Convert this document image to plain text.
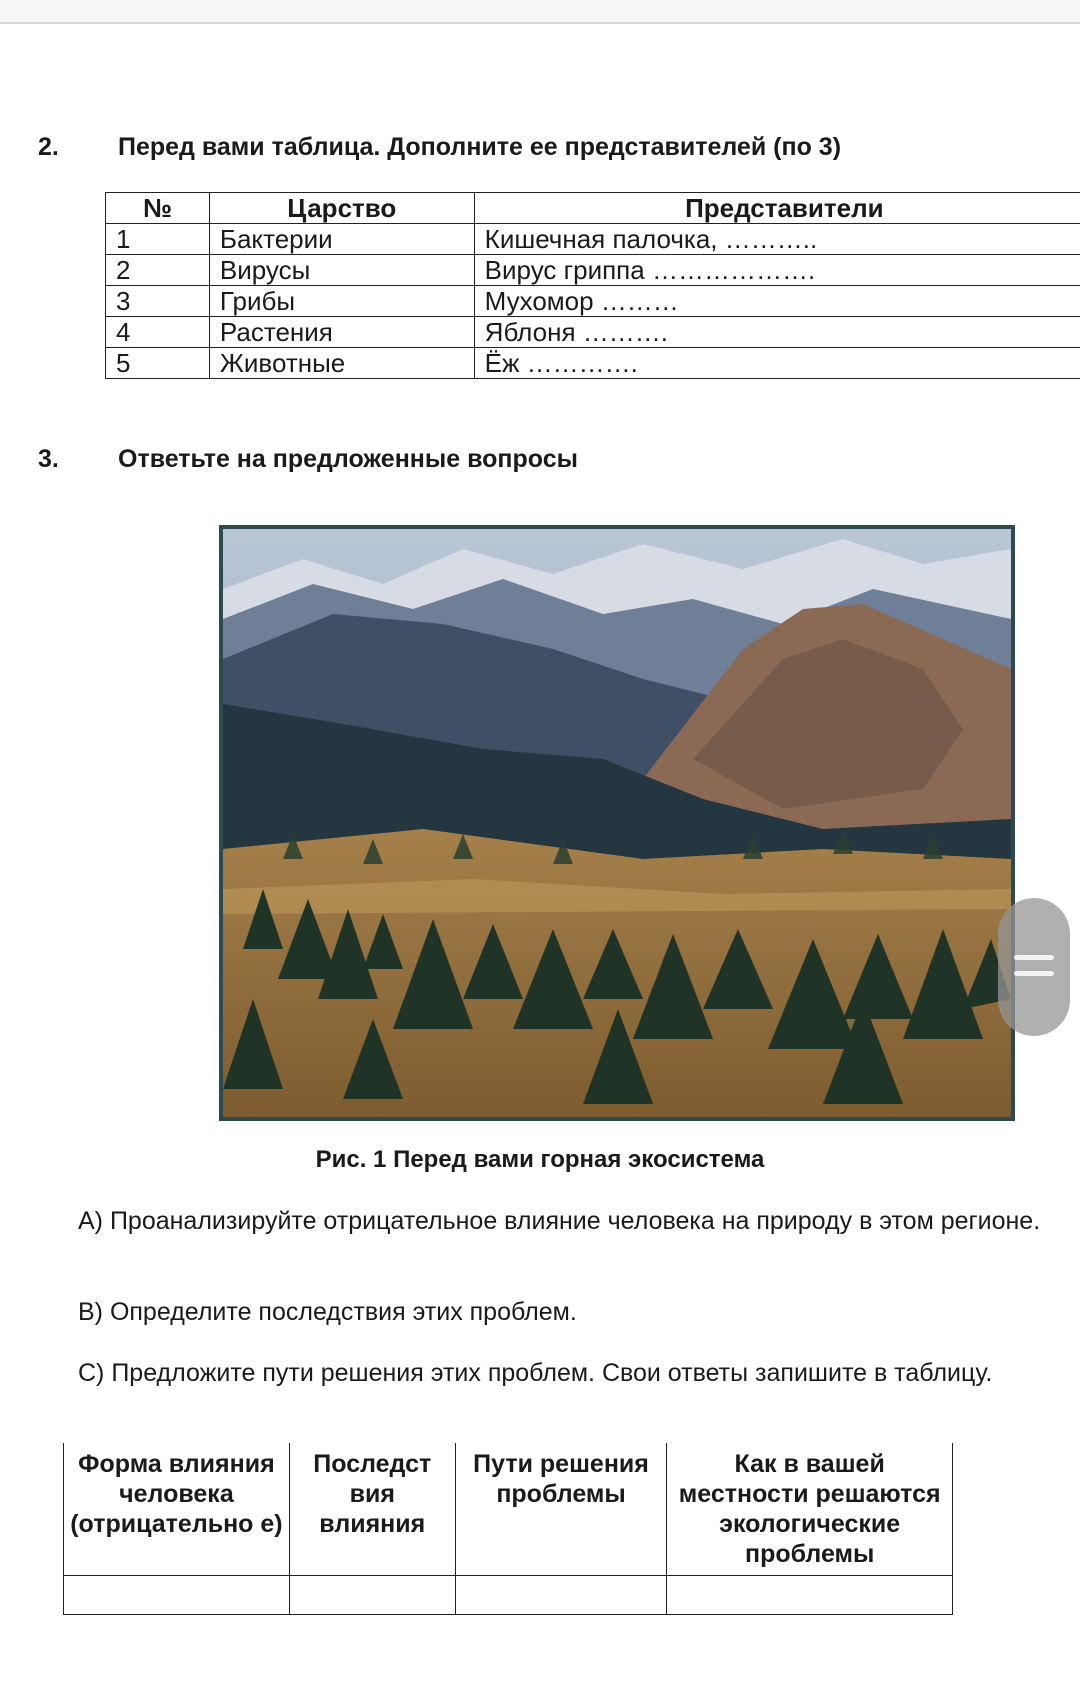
2. Перед вами таблица. Дополните ее представителей (по 3)
№	Царство	Представители
1	Бактерии	Кишечная палочка, ………..
2	Вирусы	Вирус гриппа ……………….
3	Грибы	Мухомор ………
4	Растения	Яблоня ……….
5	Животные	Ёж ………….
3. Ответьте на предложенные вопросы
Рис. 1 Перед вами горная экосистема
А) Проанализируйте отрицательное влияние человека на природу в этом регионе.
В) Определите последствия этих проблем.
С) Предложите пути решения этих проблем. Свои ответы запишите в таблицу.
Форма влияния человека (отрицательно е)	Последст вия влияния	Пути решения проблемы	Как в вашей местности решаются экологические проблемы
